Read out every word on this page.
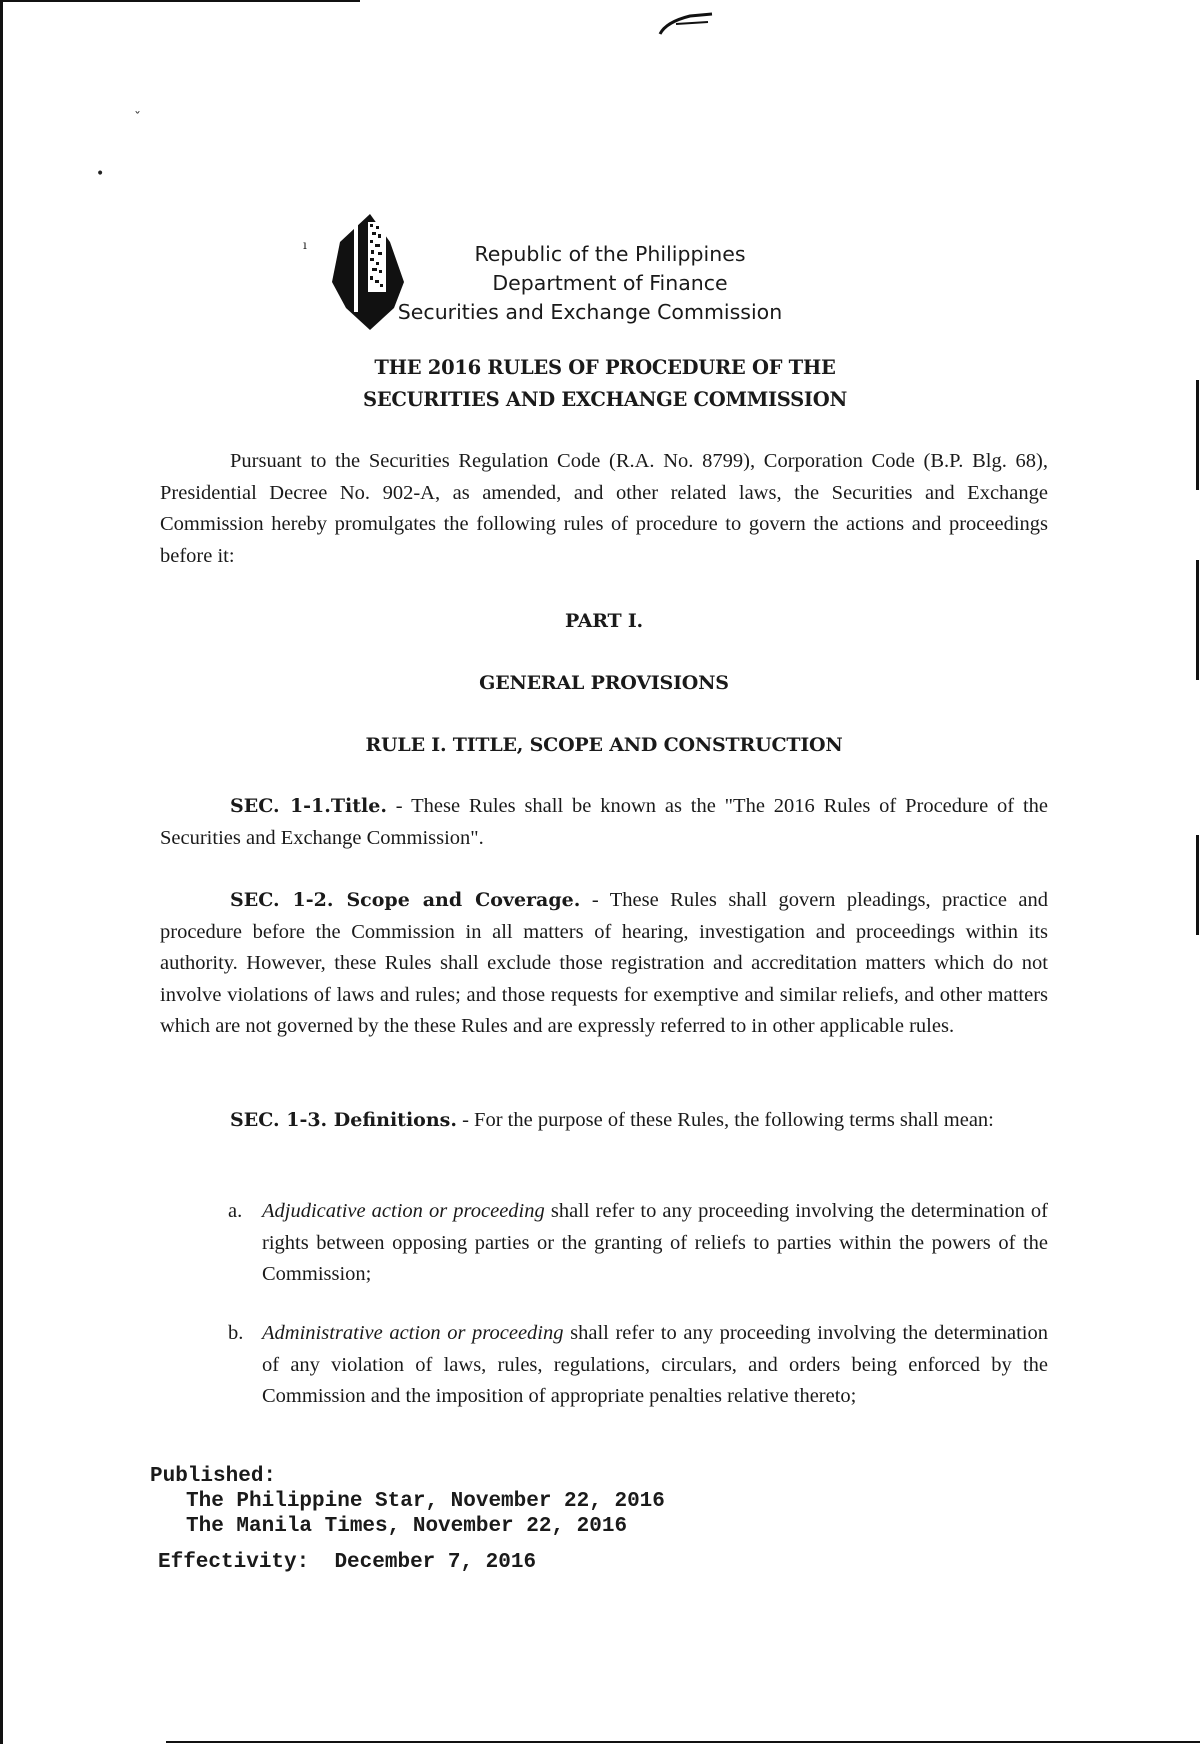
ˇ
•
ı	Republic of the Philippines
Department of Finance
Securities and Exchange Commission
THE 2016 RULES OF PROCEDURE OF THE
SECURITIES AND EXCHANGE COMMISSION
Pursuant to the Securities Regulation Code (R.A. No. 8799), Corporation Code (B.P. Blg. 68), Presidential Decree No. 902-A, as amended, and other related laws, the Securities and Exchange Commission hereby promulgates the following rules of procedure to govern the actions and proceedings before it:
PART I.
GENERAL PROVISIONS
RULE I. TITLE, SCOPE AND CONSTRUCTION
SEC. 1-1.Title. - These Rules shall be known as the "The 2016 Rules of Procedure of the Securities and Exchange Commission".
SEC. 1-2. Scope and Coverage. - These Rules shall govern pleadings, practice and procedure before the Commission in all matters of hearing, investigation and proceedings within its authority. However, these Rules shall exclude those registration and accreditation matters which do not involve violations of laws and rules; and those requests for exemptive and similar reliefs, and other matters which are not governed by the these Rules and are expressly referred to in other applicable rules.
SEC. 1-3. Definitions. - For the purpose of these Rules, the following terms shall mean:
a. Adjudicative action or proceeding shall refer to any proceeding involving the determination of rights between opposing parties or the granting of reliefs to parties within the powers of the Commission;
b. Administrative action or proceeding shall refer to any proceeding involving the determination of any violation of laws, rules, regulations, circulars, and orders being enforced by the Commission and the imposition of appropriate penalties relative thereto;
Published:
The Philippine Star, November 22, 2016
The Manila Times, November 22, 2016
Effectivity: December 7, 2016
